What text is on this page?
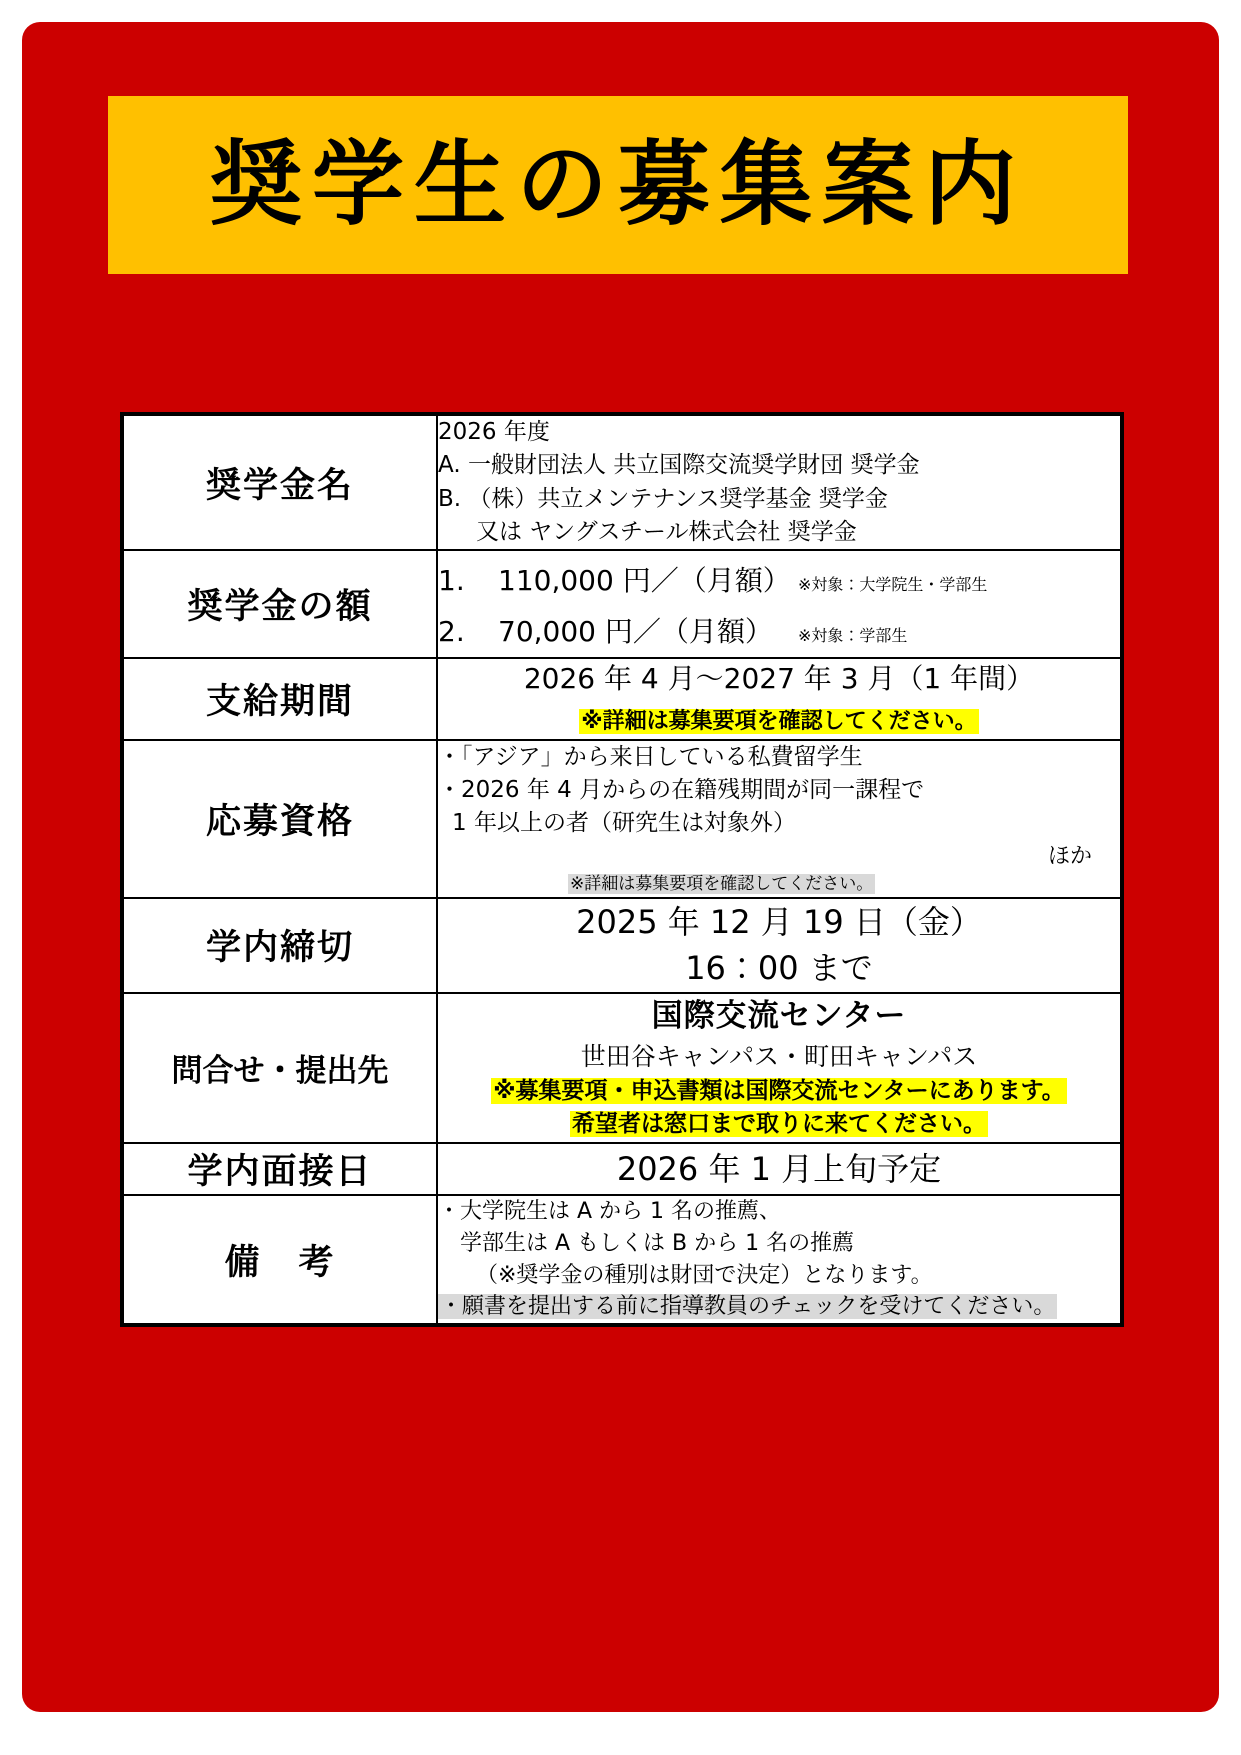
奨学生の募集案内
奨学金名	2026 年度
A. 一般財団法人 共立国際交流奨学財団 奨学金
B. （株）共立メンテナンス奨学基金 奨学金
又は ヤングスチール株式会社 奨学金

奨学金の額	1. 110,000 円／（月額） ※対象：大学院生・学部生
2. 70,000 円／（月額） ※対象：学部生

支給期間	2026 年 4 月〜2027 年 3 月（1 年間）
※詳細は募集要項を確認してください。

応募資格	・「アジア」から来日している私費留学生
・2026 年 4 月からの在籍残期間が同一課程で
1 年以上の者（研究生は対象外）
ほか
※詳細は募集要項を確認してください。

学内締切	2025 年 12 月 19 日（金）
16：00 まで

問合せ・提出先	国際交流センター
世田谷キャンパス・町田キャンパス
※募集要項・申込書類は国際交流センターにあります。
希望者は窓口まで取りに来てください。

学内面接日	2026 年 1 月上旬予定

備　考	・大学院生は A から 1 名の推薦、
学部生は A もしくは B から 1 名の推薦
（※奨学金の種別は財団で決定）となります。
・願書を提出する前に指導教員のチェックを受けてください。
